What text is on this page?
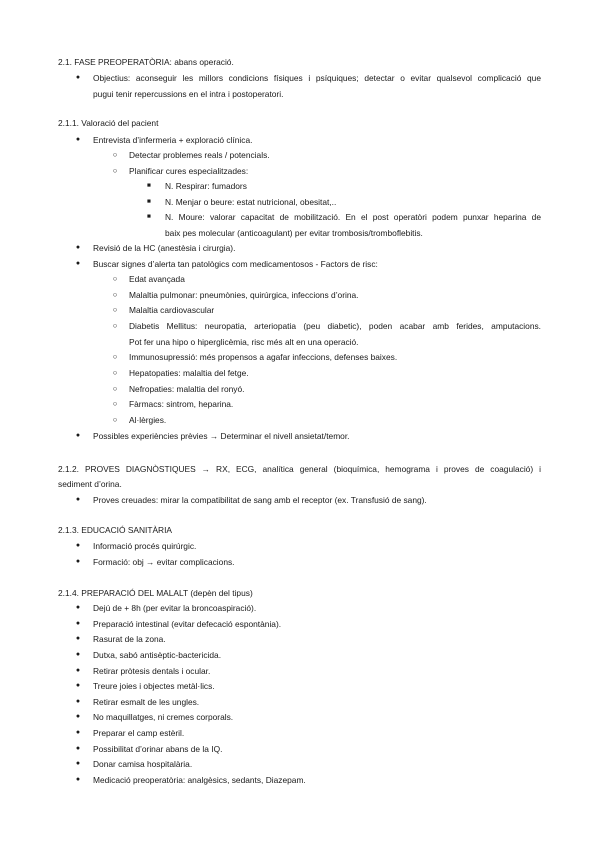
2.1. FASE PREOPERATÒRIA: abans operació.
●	Objectius: aconseguir les millors condicions físiques i psíquiques; detectar o evitar qualsevol complicació que
pugui tenir repercussions en el intra i postoperatori.
2.1.1. Valoració del pacient
●	Entrevista d’infermeria + exploració clínica.
○	Detectar problemes reals / potencials.
○	Planificar cures especialitzades:
■	N. Respirar: fumadors
■	N. Menjar o beure: estat nutricional, obesitat,..
■	N. Moure: valorar capacitat de mobilització. En el post operatòri podem punxar heparina de
baix pes molecular (anticoagulant) per evitar trombosis/tromboflebitis.
●	Revisió de la HC (anestèsia i cirurgia).
●	Buscar signes d’alerta tan patològics com medicamentosos - Factors de risc:
○	Edat avançada
○	Malaltia pulmonar: pneumònies, quirúrgica, infeccions d’orina.
○	Malaltia cardiovascular
○	Diabetis Mellitus: neuropatia, arteriopatia (peu diabetic), poden acabar amb ferides, amputacions.
Pot fer una hipo o hiperglicèmia, risc més alt en una operació.
○	Immunosupressió: més propensos a agafar infeccions, defenses baixes.
○	Hepatopaties: malaltia del fetge.
○	Nefropaties: malaltia del ronyó.
○	Fàrmacs: sintrom, heparina.
○	Al·lèrgies.
●	Possibles experiències prèvies → Determinar el nivell ansietat/temor.
2.1.2. PROVES DIAGNÒSTIQUES → RX, ECG, analítica general (bioquímica, hemograma i proves de coagulació) i
sediment d’orina.
●	Proves creuades: mirar la compatibilitat de sang amb el receptor (ex. Transfusió de sang).
2.1.3. EDUCACIÓ SANITÀRIA
●	Informació procés quirúrgic.
●	Formació: obj → evitar complicacions.
2.1.4. PREPARACIÓ DEL MALALT (depèn del tipus)
●	Dejú de + 8h (per evitar la broncoaspiració).
●	Preparació intestinal (evitar defecació espontània).
●	Rasurat de la zona.
●	Dutxa, sabó antisèptic-bactericida.
●	Retirar pròtesis dentals i ocular.
●	Treure joies i objectes metàl·lics.
●	Retirar esmalt de les ungles.
●	No maquillatges, ni cremes corporals.
●	Preparar el camp estèril.
●	Possibilitat d’orinar abans de la IQ.
●	Donar camisa hospitalària.
●	Medicació preoperatòria: analgèsics, sedants, Diazepam.
